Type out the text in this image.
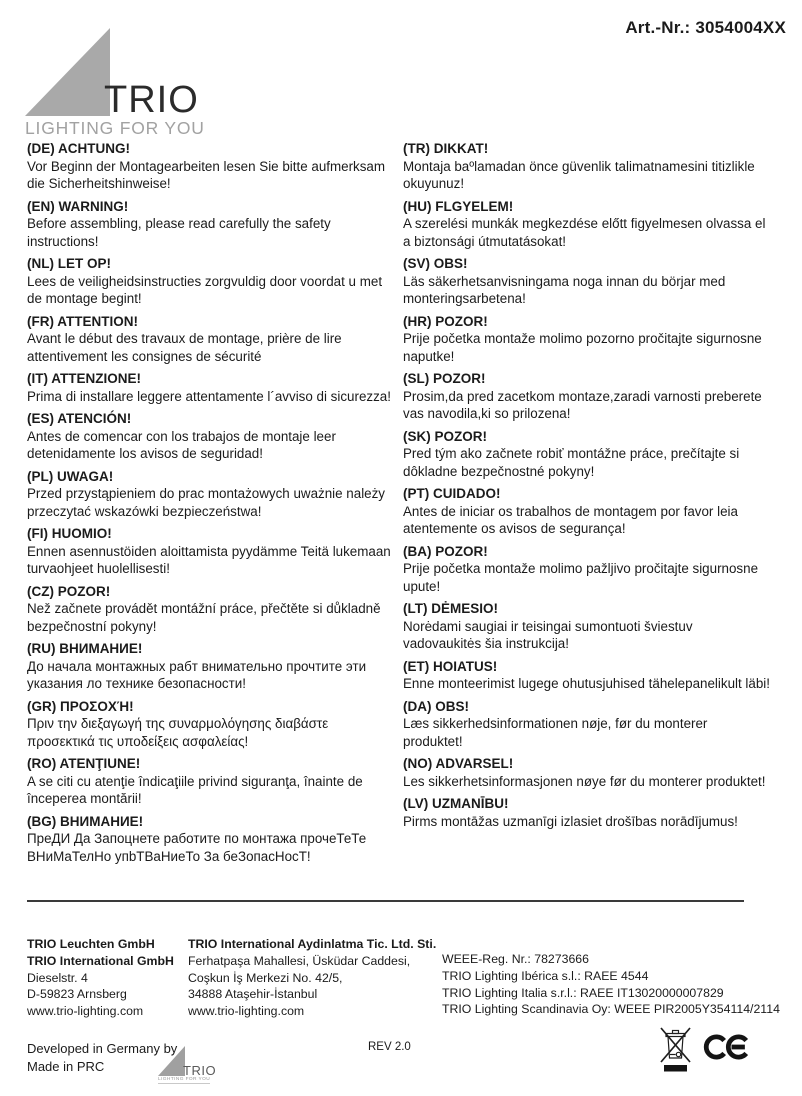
Art.-Nr.: 3054004XX
TRIO
LIGHTING FOR YOU
(DE) ACHTUNG!

Vor Beginn der Montagearbeiten lesen Sie bitte aufmerksam die Sicherheitshinweise!

(EN) WARNING!

Before assembling, please read carefully the safety instructions!

(NL) LET OP!

Lees de veiligheidsinstructies zorgvuldig door voordat u met de montage begint!

(FR) ATTENTION!

Avant le début des travaux de montage, prière de lire attentivement les consignes de sécurité

(IT) ATTENZIONE!

Prima di installare leggere attentamente l´avviso di sicurezza!

(ES) ATENCIÓN!

Antes de comencar con los trabajos de montaje leer detenidamente los avisos de seguridad!

(PL) UWAGA!

Przed przystąpieniem do prac montażowych uważnie należy przeczytać wskazówki bezpieczeństwa!

(FI) HUOMIO!

Ennen asennustöiden aloittamista pyydämme Teitä lukemaan turvaohjeet huolellisesti!

(CZ) POZOR!

Než začnete provádět montážní práce, přečtěte si důkladně bezpečnostní pokyny!

(RU) ВНИМАНИЕ!

До начала монтажных рабт внимательно прочтите эти указания ло технике безопасности!

(GR) ΠΡΟΣΟΧΉ!

Πριν την διεξαγωγή της συναρμολόγησης διαβάστε προσεκτικά τις υποδείξεις ασφαλείας!

(RO) ATENŢIUNE!

A se citi cu atenţie îndicaţiile privind siguranţa, înainte de începerea montării!

(BG) ВНИМАНИЕ!

ПреДИ Да Запоцнете работите по монтажа прочеТеТе ВНиМаТелНо упbТВаНиеТо За беЗопасНосТ!

(TR) DIKKAT!

Montaja baºlamadan önce güvenlik talimatnamesini titizlikle okuyunuz!

(HU) FLGYELEM!

A szerelési munkák megkezdése előtt figyelmesen olvassa el a biztonsági útmutatásokat!

(SV) OBS!

Läs säkerhetsanvisningama noga innan du börjar med monteringsarbetena!

(HR) POZOR!

Prije početka montaže molimo pozorno pročitajte sigurnosne naputke!

(SL) POZOR!

Prosim,da pred zacetkom montaze,zaradi varnosti preberete vas navodila,ki so prilozena!

(SK) POZOR!

Pred tým ako začnete robiť montážne práce, prečítajte si dôkladne bezpečnostné pokyny!

(PT) CUIDADO!

Antes de iniciar os trabalhos de montagem por favor leia atentemente os avisos de segurança!

(BA) POZOR!

Prije početka montaže molimo pažljivo pročitajte sigurnosne upute!

(LT) DĖMESIO!

Norėdami saugiai ir teisingai sumontuoti šviestuv vadovaukitės šia instrukcija!

(ET) HOIATUS!

Enne monteerimist lugege ohutusjuhised tähelepanelikult läbi!

(DA) OBS!

Læs sikkerhedsinformationen nøje, før du monterer produktet!

(NO) ADVARSEL!

Les sikkerhetsinformasjonen nøye før du monterer produktet!

(LV) UZMANĪBU!

Pirms montāžas uzmanīgi izlasiet drošības norādījumus!

TRIO Leuchten GmbH
TRIO International GmbH
Dieselstr. 4
D-59823 Arnsberg
www.trio-lighting.com
TRIO International Aydinlatma Tic. Ltd. Sti.
Ferhatpaşa Mahallesi, Üsküdar Caddesi,
Coşkun İş Merkezi No. 42/5,
34888 Ataşehir-İstanbul
www.trio-lighting.com
WEEE-Reg. Nr.: 78273666
TRIO Lighting Ibérica s.l.: RAEE 4544
TRIO Lighting Italia s.r.l.: RAEE IT13020000007829
TRIO Lighting Scandinavia Oy: WEEE PIR2005Y354114/2114
Developed in Germany by
Made in PRC	TRIO
LIGHTING FOR YOU
REV 2.0
